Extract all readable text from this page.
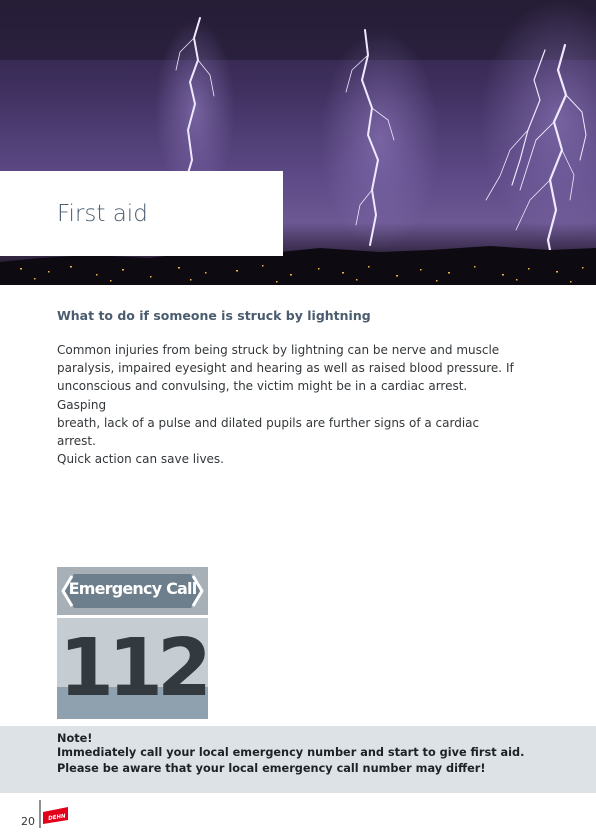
First aid
What to do if someone is struck by lightning
Common injuries from being struck by lightning can be nerve and muscle
paralysis, impaired eyesight and hearing as well as raised blood pressure. If
unconscious and convulsing, the victim might be in a cardiac arrest. Gasping
breath, lack of a pulse and dilated pupils are further signs of a cardiac arrest.
Quick action can save lives.
Emergency Call
112
Note!
Immediately call your local emergency number and start to give first aid.
Please be aware that your local emergency call number may differ!
20 DEHN
